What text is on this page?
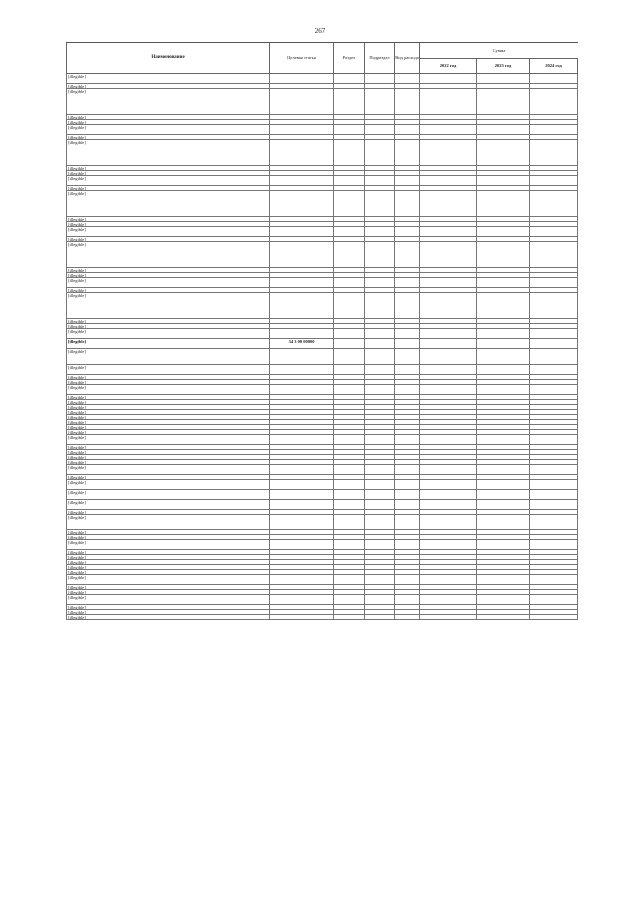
267
Наименование	Целевая статья	Раздел	Подраздел	Вид расхода
Сумма
2022 год	2023 год	2024 год
[illegible]
[illegible]
[illegible]
[illegible]
[illegible]
[illegible]
[illegible]
[illegible]
[illegible]
[illegible]
[illegible]
[illegible]
[illegible]
[illegible]
[illegible]
[illegible]
[illegible]
[illegible]
[illegible]
[illegible]
[illegible]
[illegible]
[illegible]
[illegible]
[illegible]
[illegible]
[illegible]	34 3 00 00000
[illegible]
[illegible]
[illegible]
[illegible]
[illegible]
[illegible]
[illegible]
[illegible]
[illegible]
[illegible]
[illegible]
[illegible]
[illegible]
[illegible]
[illegible]
[illegible]
[illegible]
[illegible]
[illegible]
[illegible]
[illegible]
[illegible]
[illegible]
[illegible]
[illegible]
[illegible]
[illegible]
[illegible]
[illegible]
[illegible]
[illegible]
[illegible]
[illegible]
[illegible]
[illegible]
[illegible]
[illegible]
[illegible]
[illegible]
[illegible]
